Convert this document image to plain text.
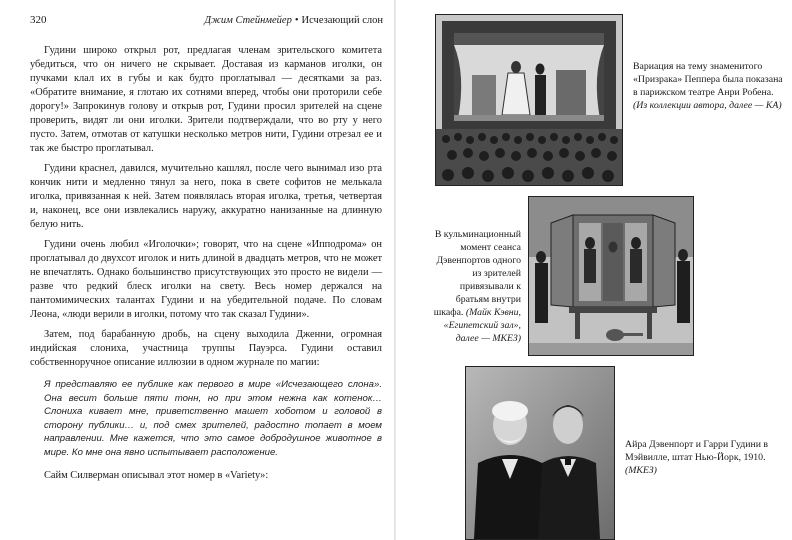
320	Джим Стейнмейер • Исчезающий слон

Гудини широко открыл рот, предлагая членам зрительского комитета убедиться, что он ничего не скрывает. Доставая из карманов иголки, он пучками клал их в губы и как будто проглатывал — десятками за раз. «Обратите внимание, я глотаю их сотнями вперед, чтобы они проторили себе дорогу!» Запрокинув голову и открыв рот, Гудини просил зрителей на сцене проверить, видят ли они иголки. Зрители подтверждали, что во рту у него пусто. Затем, отмотав от катушки несколько метров нити, Гудини отрезал ее и так же быстро проглатывал.

Гудини краснел, давился, мучительно кашлял, после чего вынимал изо рта кончик нити и медленно тянул за него, пока в свете софитов не мелькала иголка, привязанная к ней. Затем появлялась вторая иголка, третья, четвертая и, наконец, все они извлекались наружу, аккуратно нанизанные на длинную белую нить.

Гудини очень любил «Иголочки»; говорят, что на сцене «Ипподрома» он проглатывал до двухсот иголок и нить длиной в двадцать метров, что не может не впечатлять. Однако большинство присутствующих это просто не видели — разве что редкий блеск иголки на свету. Весь номер держался на пантомимических талантах Гудини и на убедительной подаче. По словам Леона, «люди верили в иголки, потому что так сказал Гудини».

Затем, под барабанную дробь, на сцену выходила Дженни, огромная индийская слониха, участница труппы Пауэрса. Гудини оставил собственноручное описание иллюзии в одном журнале по магии:

Я представляю ее публике как первого в мире «Исчезающего слона». Она весит больше пяти тонн, но при этом нежна как котенок… Слониха кивает мне, приветственно машет хоботом и головой в сторону публики… и, под смех зрителей, радостно топает в моем направлении. Мне кажется, что это самое добродушное животное в мире. Ко мне она явно испытывает расположение.

Сайм Силверман описывал этот номер в «Variety»:

Вариация на тему знаменитого «Призрака» Пеппера была показана в парижском театре Анри Робена. (Из коллекции автора, далее — КА)
В кульминационный момент сеанса Дэвенпортов одного из зрителей привязывали к братьям внутри шкафа. (Майк Кэвни, «Египетский зал», далее — МКЕЗ)
Айра Дэвенпорт и Гарри Гудини в Мэйвилле, штат Нью-Йорк, 1910. (МКЕЗ)
